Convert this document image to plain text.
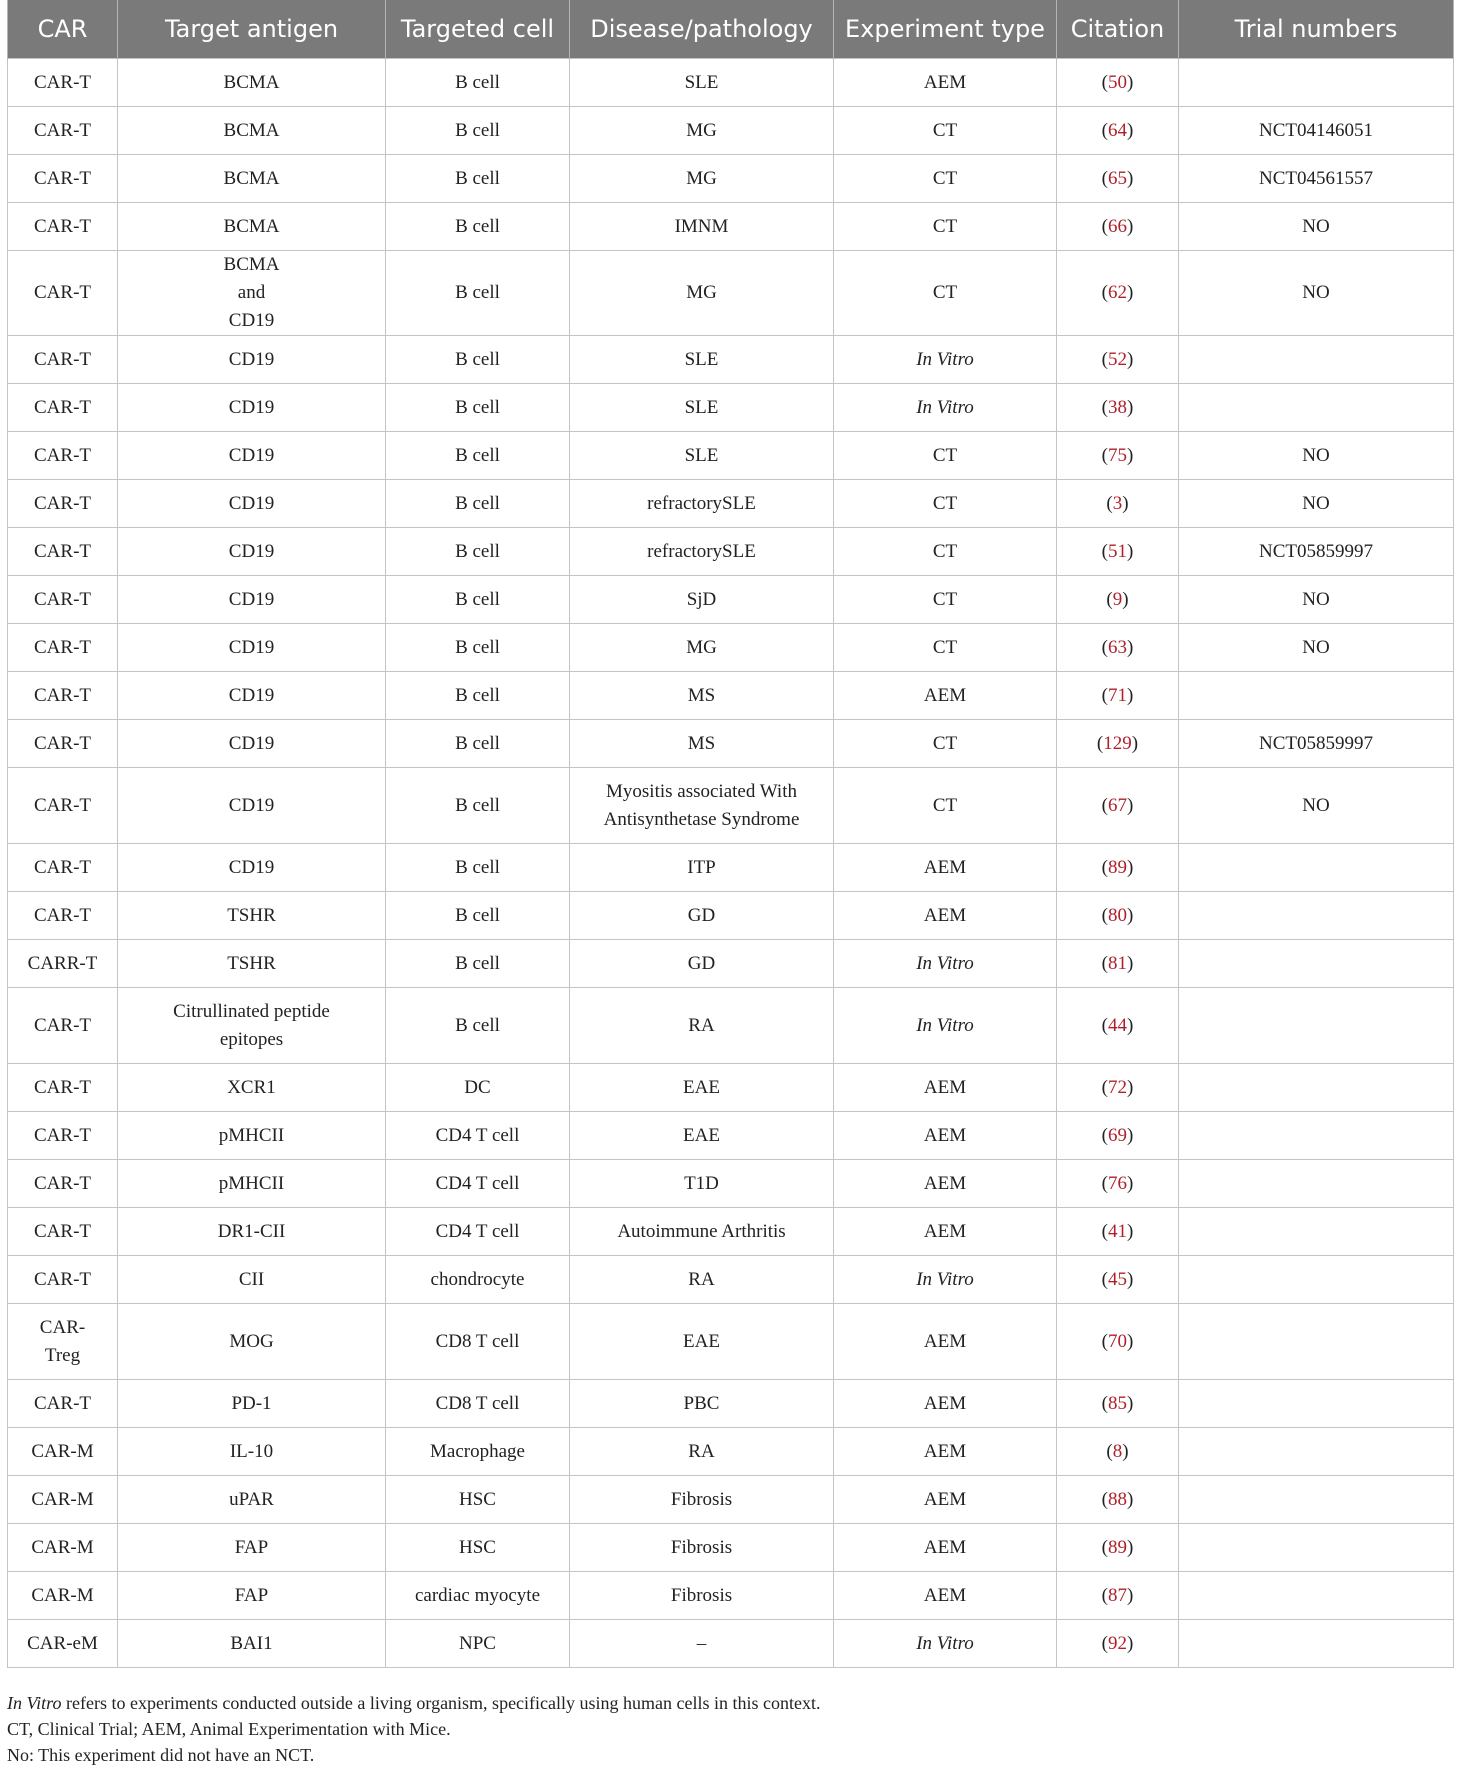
CAR	Target antigen	Targeted cell	Disease/pathology	Experiment type	Citation	Trial numbers
CAR-T	BCMA	B cell	SLE	AEM	(50)	
CAR-T	BCMA	B cell	MG	CT	(64)	NCT04146051
CAR-T	BCMA	B cell	MG	CT	(65)	NCT04561557
CAR-T	BCMA	B cell	IMNM	CT	(66)	NO
CAR-T	BCMA
and
CD19	B cell	MG	CT	(62)	NO
CAR-T	CD19	B cell	SLE	In Vitro	(52)	
CAR-T	CD19	B cell	SLE	In Vitro	(38)	
CAR-T	CD19	B cell	SLE	CT	(75)	NO
CAR-T	CD19	B cell	refractorySLE	CT	(3)	NO
CAR-T	CD19	B cell	refractorySLE	CT	(51)	NCT05859997
CAR-T	CD19	B cell	SjD	CT	(9)	NO
CAR-T	CD19	B cell	MG	CT	(63)	NO
CAR-T	CD19	B cell	MS	AEM	(71)	
CAR-T	CD19	B cell	MS	CT	(129)	NCT05859997
CAR-T	CD19	B cell	Myositis associated With
Antisynthetase Syndrome	CT	(67)	NO
CAR-T	CD19	B cell	ITP	AEM	(89)	
CAR-T	TSHR	B cell	GD	AEM	(80)	
CARR-T	TSHR	B cell	GD	In Vitro	(81)	
CAR-T	Citrullinated peptide
epitopes	B cell	RA	In Vitro	(44)	
CAR-T	XCR1	DC	EAE	AEM	(72)	
CAR-T	pMHCII	CD4 T cell	EAE	AEM	(69)	
CAR-T	pMHCII	CD4 T cell	T1D	AEM	(76)	
CAR-T	DR1-CII	CD4 T cell	Autoimmune Arthritis	AEM	(41)	
CAR-T	CII	chondrocyte	RA	In Vitro	(45)	

CAR-
Treg	MOG	CD8 T cell	EAE	AEM	(70)	
CAR-T	PD-1	CD8 T cell	PBC	AEM	(85)	
CAR-M	IL-10	Macrophage	RA	AEM	(8)	
CAR-M	uPAR	HSC	Fibrosis	AEM	(88)	
CAR-M	FAP	HSC	Fibrosis	AEM	(89)	
CAR-M	FAP	cardiac myocyte	Fibrosis	AEM	(87)	
CAR-eM	BAI1	NPC	–	In Vitro	(92)	
In Vitro refers to experiments conducted outside a living organism, specifically using human cells in this context.
CT, Clinical Trial; AEM, Animal Experimentation with Mice.
No: This experiment did not have an NCT.
